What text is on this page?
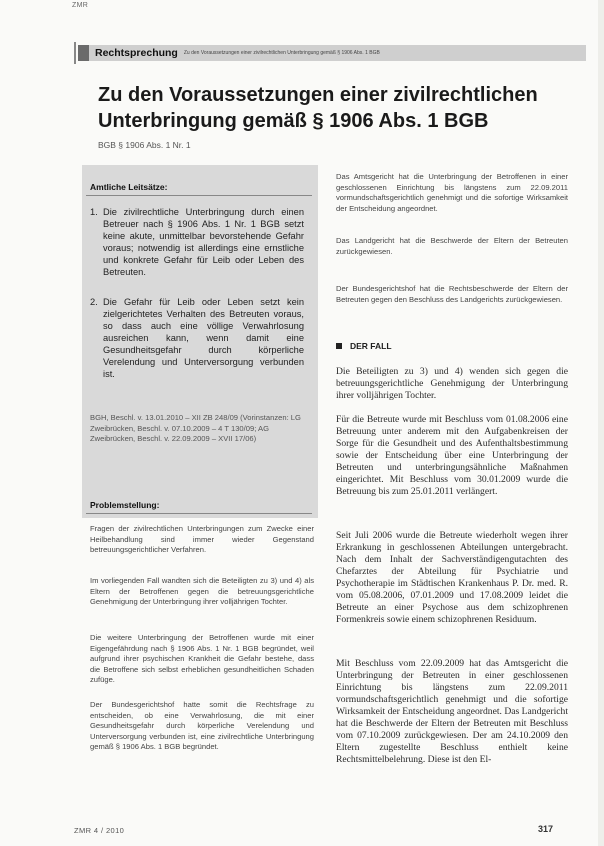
ZMR
Rechtsprechung Zu den Voraussetzungen einer zivilrechtlichen Unterbringung gemäß § 1906 Abs. 1 BGB
Zu den Voraussetzungen einer zivilrechtlichen Unterbringung gemäß § 1906 Abs. 1 BGB
BGB § 1906 Abs. 1 Nr. 1
Amtliche Leitsätze:
1. Die zivilrechtliche Unterbringung durch einen Betreuer nach § 1906 Abs. 1 Nr. 1 BGB setzt keine akute, unmittelbar bevorstehende Gefahr voraus; notwendig ist allerdings eine ernstliche und konkrete Gefahr für Leib oder Leben des Betreuten.
2. Die Gefahr für Leib oder Leben setzt kein zielgerichtetes Verhalten des Betreuten voraus, so dass auch eine völlige Verwahrlosung ausreichen kann, wenn damit eine Gesundheitsgefahr durch körperliche Verelendung und Unterversorgung verbunden ist.
BGH, Beschl. v. 13.01.2010 – XII ZB 248/09 (Vorinstanzen: LG Zweibrücken, Beschl. v. 07.10.2009 – 4 T 130/09; AG Zweibrücken, Beschl. v. 22.09.2009 – XVII 17/06)
Problemstellung:
Fragen der zivilrechtlichen Unterbringungen zum Zwecke einer Heilbehandlung sind immer wieder Gegenstand betreuungsgerichtlicher Verfahren.
Im vorliegenden Fall wandten sich die Beteiligten zu 3) und 4) als Eltern der Betroffenen gegen die betreuungsgerichtliche Genehmigung der Unterbringung ihrer volljährigen Tochter.
Die weitere Unterbringung der Betroffenen wurde mit einer Eigengefährdung nach § 1906 Abs. 1 Nr. 1 BGB begründet, weil aufgrund ihrer psychischen Krankheit die Gefahr bestehe, dass die Betroffene sich selbst erheblichen gesundheitlichen Schaden zufüge.
Der Bundesgerichtshof hatte somit die Rechtsfrage zu entscheiden, ob eine Verwahrlosung, die mit einer Gesundheitsgefahr durch körperliche Verelendung und Unterversorgung verbunden ist, eine zivilrechtliche Unterbringung gemäß § 1906 Abs. 1 BGB begründet.
Das Amtsgericht hat die Unterbringung der Betroffenen in einer geschlossenen Einrichtung bis längstens zum 22.09.2011 vormundschaftsgerichtlich genehmigt und die sofortige Wirksamkeit der Entscheidung angeordnet.
Das Landgericht hat die Beschwerde der Eltern der Betreuten zurückgewiesen.
Der Bundesgerichtshof hat die Rechtsbeschwerde der Eltern der Betreuten gegen den Beschluss des Landgerichts zurückgewiesen.
DER FALL
Die Beteiligten zu 3) und 4) wenden sich gegen die betreuungsgerichtliche Genehmigung der Unterbringung ihrer volljährigen Tochter.
Für die Betreute wurde mit Beschluss vom 01.08.2006 eine Betreuung unter anderem mit den Aufgabenkreisen der Sorge für die Gesundheit und des Aufenthaltsbestimmung sowie der Entscheidung über eine Unterbringung der Betreuten und unterbringungsähnliche Maßnahmen eingerichtet. Mit Beschluss vom 30.01.2009 wurde die Betreuung bis zum 25.01.2011 verlängert.
Seit Juli 2006 wurde die Betreute wiederholt wegen ihrer Erkrankung in geschlossenen Abteilungen untergebracht. Nach dem Inhalt der Sachverständigengutachten des Chefarztes der Abteilung für Psychiatrie und Psychotherapie im Städtischen Krankenhaus P. Dr. med. R. vom 05.08.2006, 07.01.2009 und 17.08.2009 leidet die Betreute an einer Psychose aus dem schizophrenen Formenkreis sowie einem schizophrenen Residuum.
Mit Beschluss vom 22.09.2009 hat das Amtsgericht die Unterbringung der Betreuten in einer geschlossenen Einrichtung bis längstens zum 22.09.2011 vormundschaftsgerichtlich genehmigt und die sofortige Wirksamkeit der Entscheidung angeordnet. Das Landgericht hat die Beschwerde der Eltern der Betreuten mit Beschluss vom 07.10.2009 zurückgewiesen. Der am 24.10.2009 den Eltern zugestellte Beschluss enthielt keine Rechtsmittelbelehrung. Diese ist den El-
ZMR 4 / 2010	317
